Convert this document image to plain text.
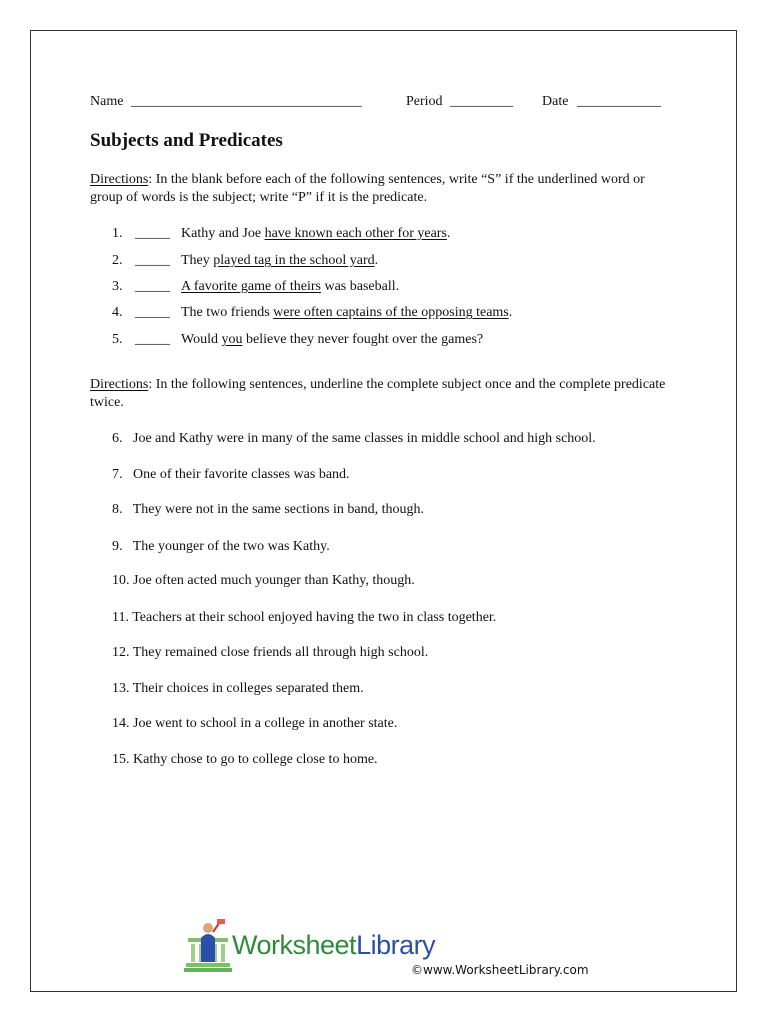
Name _________________________________	Period _________ Date ____________
Subjects and Predicates
Directions: In the blank before each of the following sentences, write “S” if the underlined word or group of words is the subject; write “P” if it is the predicate.
1. _____ Kathy and Joe have known each other for years.
2. _____ They played tag in the school yard.
3. _____ A favorite game of theirs was baseball.
4. _____ The two friends were often captains of the opposing teams.
5. _____ Would you believe they never fought over the games?
Directions: In the following sentences, underline the complete subject once and the complete predicate twice.
6.   Joe and Kathy were in many of the same classes in middle school and high school.
7.   One of their favorite classes was band.
8.   They were not in the same sections in band, though.
9.   The younger of the two was Kathy.
10. Joe often acted much younger than Kathy, though.
11. Teachers at their school enjoyed having the two in class together.
12. They remained close friends all through high school.
13. Their choices in colleges separated them.
14. Joe went to school in a college in another state.
15. Kathy chose to go to college close to home.
WorksheetLibrary
©www.WorksheetLibrary.com
